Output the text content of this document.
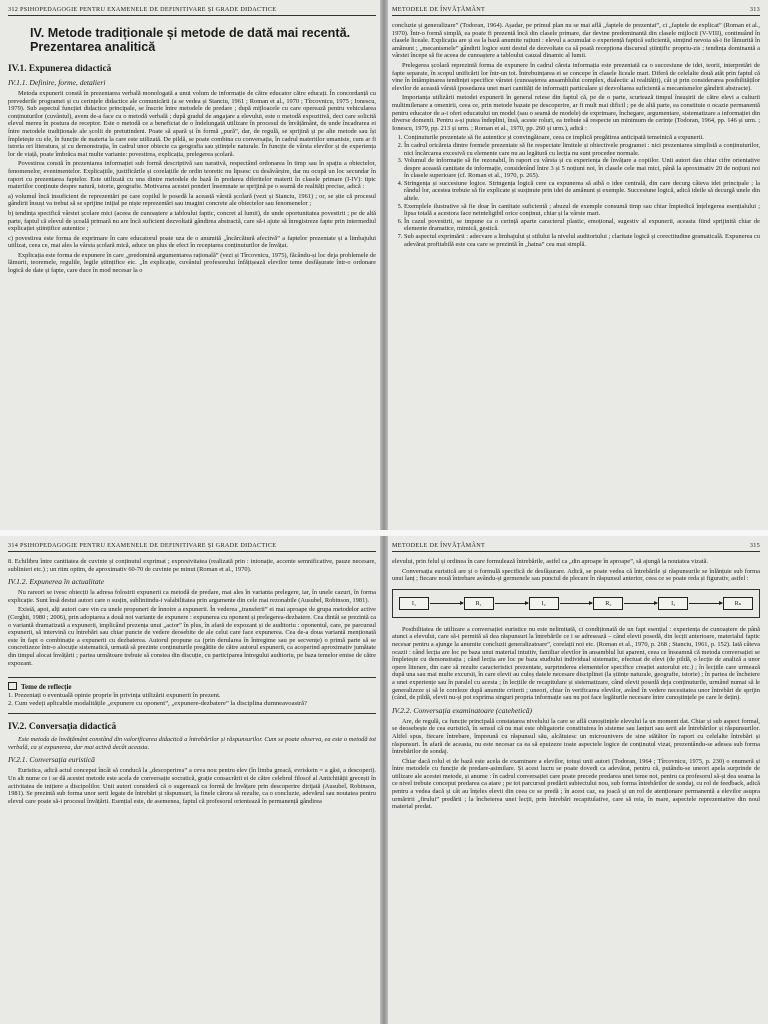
312 PSIHOPEDAGOGIE PENTRU EXAMENELE DE DEFINITIVARE ȘI GRADE DIDACTICE
IV. Metode tradiționale și metode de dată mai recentă. Prezentarea analitică
IV.1. Expunerea didactică
IV.1.1. Definire, forme, detalieri

Metoda expunerii constă în prezentarea verbală monologată a unui volum de informație de către educator către educați. În concordanță cu prevederile programei și cu cerințele didactice ale comunicării (a se vedea și Stanciu, 1961 ; Roman et al., 1970 ; Tîrcovnicu, 1975 ; Ionescu, 1979). Sub aspectul funcției didactice principale, se înscrie între metodele de predare ; după mijloacele cu care operează pentru vehicularea conținuturilor (cuvântul), avem de-a face cu o metodă verbală ; după gradul de angajare a elevului, este o metodă expozitivă, deci care solicită elevul mereu în postura de receptor. Este o metodă ce a beneficiat de o îndelungată utilizare în procesul de învățământ, de unde încadrarea ei între metodele tradiționale ale școlii de pretutindeni. Poate să apară și în formă „pură”, dar, de regulă, se sprijină și pe alte metode sau își împletește cu ele, în funcție de materia la care este utilizată. De pildă, se poate combina cu conversația, în cadrul materiilor umaniste, cum ar fi istoria ori literatura, și cu demonstrația, în cadrul unor obiecte ca geografia sau științele naturale. În funcție de vârsta elevilor și de experiența lor de viață, poate îmbrăca mai multe variante: povestirea, explicația, prelegerea școlară.

Povestirea constă în prezentarea informației sub formă descriptivă sau narativă, respectând ordonarea în timp sau în spațiu a obiectelor, fenomenelor, evenimentelor. Explicațiile, justificările și corelațiile de ordin teoretic nu lipsesc cu desăvârșire, dar nu ocupă un loc secundar în raport cu prezentarea faptelor. Este utilizată cu una dintre metodele de bază în predarea diferitelor materii în clasele primare (I-IV): tipic materiilor conținute despre natură, istorie, geografie. Motivarea acestei ponderi însemnate se sprijină pe o seamă de realități precise, adică :

a) volumul încă insuficient de reprezentări pe care copilul le posedă la această vârstă școlară (vezi și Stanciu, 1961) ; or, se știe că procesul gândirii însuși va trebui să se sprijine inițial pe niște reprezentări sau imagini concrete ale obiectelor sau fenomenelor ;

b) tendința specifică vârstei școlare mici (aceea de cunoaștere a tabloului faptic, concret al lumii), de unde oportunitatea povestirii ; pe de altă parte, faptul că elevul de școală primară nu are încă suficient dezvoltată gândirea abstractă, care să-i ajute să înregistreze fapte prin intermediul explicației științifice autentice ;

c) povestirea este forma de exprimare în care educatorul poate uza de o anumită „încărcătură afectivă” a faptelor prezentate și a limbajului utilizat, ceea ce, mai ales la vârsta școlară mică, aduce un plus de efect în receptarea conținuturilor de învățat.

Explicația este forma de expunere în care „predomină argumentarea rațională” (vezi și Tîrcovnicu, 1975), făcându-și loc deja problemele de lămurit, teoremele, regulile, legile științifice etc. „În explicație, cuvântul profesorului înfățișează elevilor teme desfășurate într-o ordonare logică de date și fapte, care duce în mod necesar la o

METODELE DE ÎNVĂȚĂMÂNT	313

concluzie și generalizare” (Todoran, 1964). Așadar, pe primul plan nu se mai află „faptele de prezentat”, ci „faptele de explicat” (Roman et al., 1970). Într-o formă simplă, ea poate fi prezentă încă din clasele primare, dar devine predominantă din clasele mijlocii (V-VIII), continuând în clasele liceale. Explicația are și ea la bază anumite rațiuni : elevul a acumulat o experiență faptică suficientă, simțind nevoia să-i fie lămurită în amănunt ; „mecanismele” gândirii logice sunt destul de dezvoltate ca să poată recepționa discursul științific propriu-zis ; tendința dominantă a vârstei începe să fie aceea de cunoaștere a tabloului cauzal dinamic al lumii.

Prelegerea școlară reprezintă forma de expunere în cadrul căreia informația este prezentată ca o succesiune de idei, teorii, interpretări de fapte separate, în scopul unificării lor într-un tot. Întrebuințarea ei se concepe în clasele liceale mari. Diferă de celelalte două atât prin faptul că vine în întâmpinarea tendinței specifice vârstei (cunoașterea ansamblului complex, dialectic al realității), cât și prin considerarea posibilităților elevilor de această vârstă (posedarea unei mari cantități de informații particulare și dezvoltarea suficientă a mecanismelor gândirii abstracte).

Importanța utilizării metodei expunerii în general reiese din faptul că, pe de o parte, scurtează timpul însușirii de către elevi a culturii multimilenare a omenirii, ceea ce, prin metode bazate pe descoperire, ar fi mult mai dificil ; pe de altă parte, ea constituie o ocazie permanentă pentru educator de a-i oferi educatului un model (sau o seamă de modele) de exprimare, închegare, argumentare, sistematizare a informației din diverse domenii. Pentru a-și putea îndeplini, însă, aceste roluri, ea trebuie să respecte un minimum de cerințe (Todoran, 1964, pp. 146 și urm. ; Ionescu, 1979, pp. 213 și urm. ; Roman et al., 1970, pp. 260 și urm.), adică :

1. Conținuturile prezentate să fie autentice și convingătoare, ceea ce implică pregătirea anticipată temeinică a expunerii.
2. În cadrul oricăreia dintre formele prezentate să fie respectate limitele și obiectivele programei : nici prezentarea simplistă a conținuturilor, nici încărcarea excesivă cu elemente care nu au legătură cu lecția nu sunt procedee normale.
3. Volumul de informație să fie rezonabil, în raport cu vârsta și cu experiența de învățare a copiilor. Unii autori dau chiar cifre orientative despre această cantitate de informație, considerând între 3 și 5 noțiuni noi, în clasele cele mai mici, până la aproximativ 20 de noțiuni noi în clasele superioare (cf. Roman et al., 1970, p. 265).
4. Stringența și succesiune logice. Stringența logică cere ca expunerea să aibă o idee centrală, din care decurg câteva idei principale ; la rândul lor, acestea trebuie să fie explicate și susținute prin idei de amănunt și exemple. Succesiune logică, adică ideile să decurgă unele din altele.
5. Exemplele ilustrative să fie doar în cantitate suficientă ; abuzul de exemple consumă timp sau chiar împiedică înțelegerea esențialului ; lipsa totală a acestora face neinteligibil orice conținut, chiar și la vârste mari.
6. În cazul povestirii, se impune ca o cerință aparte caracterul plastic, emoțional, sugestiv al expunerii, aceasta fiind sprijinită chiar de elemente dramatice, mimică, gestică.
7. Sub aspectul exprimării : adecvare a limbajului și stilului la nivelul auditoriului ; claritate logică și corectitudine gramaticală. Expunerea cu adevărat profitabilă este cea care se prezintă în „haina” cea mai simplă.
314 PSIHOPEDAGOGIE PENTRU EXAMENELE DE DEFINITIVARE ȘI GRADE DIDACTICE

8. Echilibru între cantitatea de cuvinte și conținutul exprimat ; expresivitatea (realizată prin : intonație, accente semnificative, pauze necesare, sublinieri etc.) ; un ritm optim, de aproximativ 60-70 de cuvinte pe minut (Roman et al., 1970).

IV.1.2. Expunerea în actualitate

Nu rareori se ivesc obiecții la adresa folosirii expunerii ca metodă de predare, mai ales în varianta prelegere, iar, în unele cazuri, în forma explicație. Sunt însă destui autori care o susțin, subliniindu-i valabilitatea prin argumente din cele mai rezonabile (Ausubel, Robinson, 1981).

Există, apoi, alți autori care vin cu unele propuneri de înnoire a expunerii. În vederea „transferii” ei mai aproape de grupa metodelor active (Cerghit, 1980 ; 2006), prin adoptarea a două noi variante de expunere : expunerea cu oponent și prelegerea-dezbatere. Cea dintâi se prezintă ca o variantă dramatizată a expunerii, implicând prezența unui „actor” în plus, în afară de expozant și de auditoriu : oponentul, care, pe parcursul expunerii, să intervină cu întrebări sau chiar puncte de vedere deosebite de ale celui care face expunerea. Cea de-a doua variantă menționată este în fapt o combinație a expunerii cu dezbaterea. Autorul propune ca (prin derularea în întregime sau pe secvențe) o primă parte să se concretizeze într-o alocuție sistematică, urmată să prezinte conținuturile pregătite de către autorul expunerii, ca acoperind aproximativ jumătate din timpul alocat învățării ; partea următoare trebuie să constea din discuție, cu participarea întregului auditoriu, pe baza temelor emise de către expozant.

Teme de reflecție
1. Prezentați o eventuală opinie proprie în privința utilizării expunerii în prezent.
2. Cum vedeți aplicabile modalitățile „expunere cu oponent”, „expunere-dezbatere” la disciplina dumneavoastră?
IV.2. Conversația didactică

Este metoda de învățământ constând din valorificarea didactică a întrebărilor și răspunsurilor. Cum se poate observa, ea este o metodă tot verbală, ca și expunerea, dar mai activă decât aceasta.

IV.2.1. Conversația euristică

Euristica, adică actul conceput încât să conducă la „descoperirea” a ceva nou pentru elev (în limba greacă, evriskein = a găsi, a descoperi). Un alt nume ce i se dă acestei metode este acela de conversație socratică, grație consacrării ei de către celebrul filosof al Antichității grecești în activitatea de inițiere a discipolilor. Unii autori consideră că o sugerează ca formă de învățare prin descoperire dirijată (Ausubel, Robinson, 1981). Se prezintă sub forma unor serii legate de întrebări și răspunsuri, la finele cărora să rezulte, ca o concluzie, adevărul sau noutatea pentru elevul care poate să-i procesul învățării. Esențial este, de asemenea, faptul că profesorul orientează în permanență gândirea

METODELE DE ÎNVĂȚĂMÂNT	315

elevului, prin felul și ordinea în care formulează întrebările, astfel ca „din aproape în aproape”, să ajungă la noutatea vizată.

Conversația euristică are și o formulă specifică de desfășurare. Adică, se poate vedea că întrebările și răspunsurile se înlănțuie sub forma unui lanț ; fiecare nouă întrebare avându-și germenele sau punctul de plecare în răspunsul anterior, ceea ce se poate reda și figurativ, astfel :

I₁	R₁	I₂	R₂	I₃	Rₙ

Posibilitatea de utilizare a conversației euristice nu este nelimitată, ci condiționată de un fapt esențial : experiența de cunoaștere de până atunci a elevului, care să-i permită să dea răspunsuri la întrebările ce i se adresează – când elevii posedă, din lecții anterioare, materialul faptic necesar pentru a ajunge la anumite concluzii generalizatoare”, corelații noi etc. (Roman et al., 1970, p. 268 ; Stanciu, 1961, p. 152). Iată câteva ocazii : când lecția are loc pe baza unui material intuitiv, familiar elevilor în ansamblul lui aparent, ceea ce înseamnă că metoda conversației se împletește cu demonstrația ; când lecția are loc pe baza studiului individual sistematic, efectuat de elevi (de pildă, o lecție de analiză a unor opere literare, din care să rezulte caracteristici prezentate, surprinderea elementelor specifice creației autorului etc.) ; în lecțiile care urmează după una sau mai multe excursii, în care elevii au culeș datele necesare disciplinei (la științe naturale, geografie, istorie) ; în partea de încheiere a unei experiențe sau în paralel cu acesta ; în lecțiile de recapitulare și sistematizare, când elevii posedă deja conținuturile, urmând numai să le generalizeze și să le coreleze după anumite criterii ; uneori, chiar în verificarea elevilor, având în vedere necesitatea unor întrebări de sprijin (când, de pildă, elevii nu-și pot exprima singuri propria informație sau nu pot face legăturile necesare între cunoștințele pe care le dețin).

IV.2.2. Conversația examinatoare (catehetică)

Are, de regulă, ca funcție principală constatarea nivelului la care se află cunoștințele elevului la un moment dat. Chiar și sub aspect formal, se deosebește de cea euristică, în sensul că nu mai este obligatorie constituirea în sisteme sau lanțuri sau serii ale întrebărilor și răspunsurilor. Altfel spus, fiecare întrebare, împreună cu răspunsul său, alcătuiesc un microunivers de sine stătător în raport cu celelalte întrebări și răspunsuri. În afară de aceasta, nu este necesar ca ea să epuizeze toate aspectele logice de conținutul vizat, prezentându-se adesea sub forma întrebărilor de sondaj.

Chiar dacă rolul ei de bază este acela de examinare a elevilor, totuși unii autori (Todoran, 1964 ; Tîrcovnicu, 1975, p. 230) o enumeră și între metodele cu funcție de predare-asimilare. Și acest lucru se poate dovedi ca adevărat, pentru că, putându-se uneori apela surprinde de utilizare ale acestei metode, și anume : în cadrul conversației care poate precede predarea unei teme noi, pentru ca profesorul să-și dea seama la ce nivel trebuie conceput predarea ca atare ; pe tot parcursul predării subiectului nou, sub forma întrebărilor de sondaj, cu rol de feedback, adică pentru a vedea dacă și cât au înțeles elevii din ceea ce se predă ; în acest caz, ea joacă și un rol de atenționare permanentă a elevilor asupra urmăririi „firului” predării ; la încheierea unei lecții, prin întrebări recapitulative, care să reia, în mare, aspectele reprezentative din noul material predat.
